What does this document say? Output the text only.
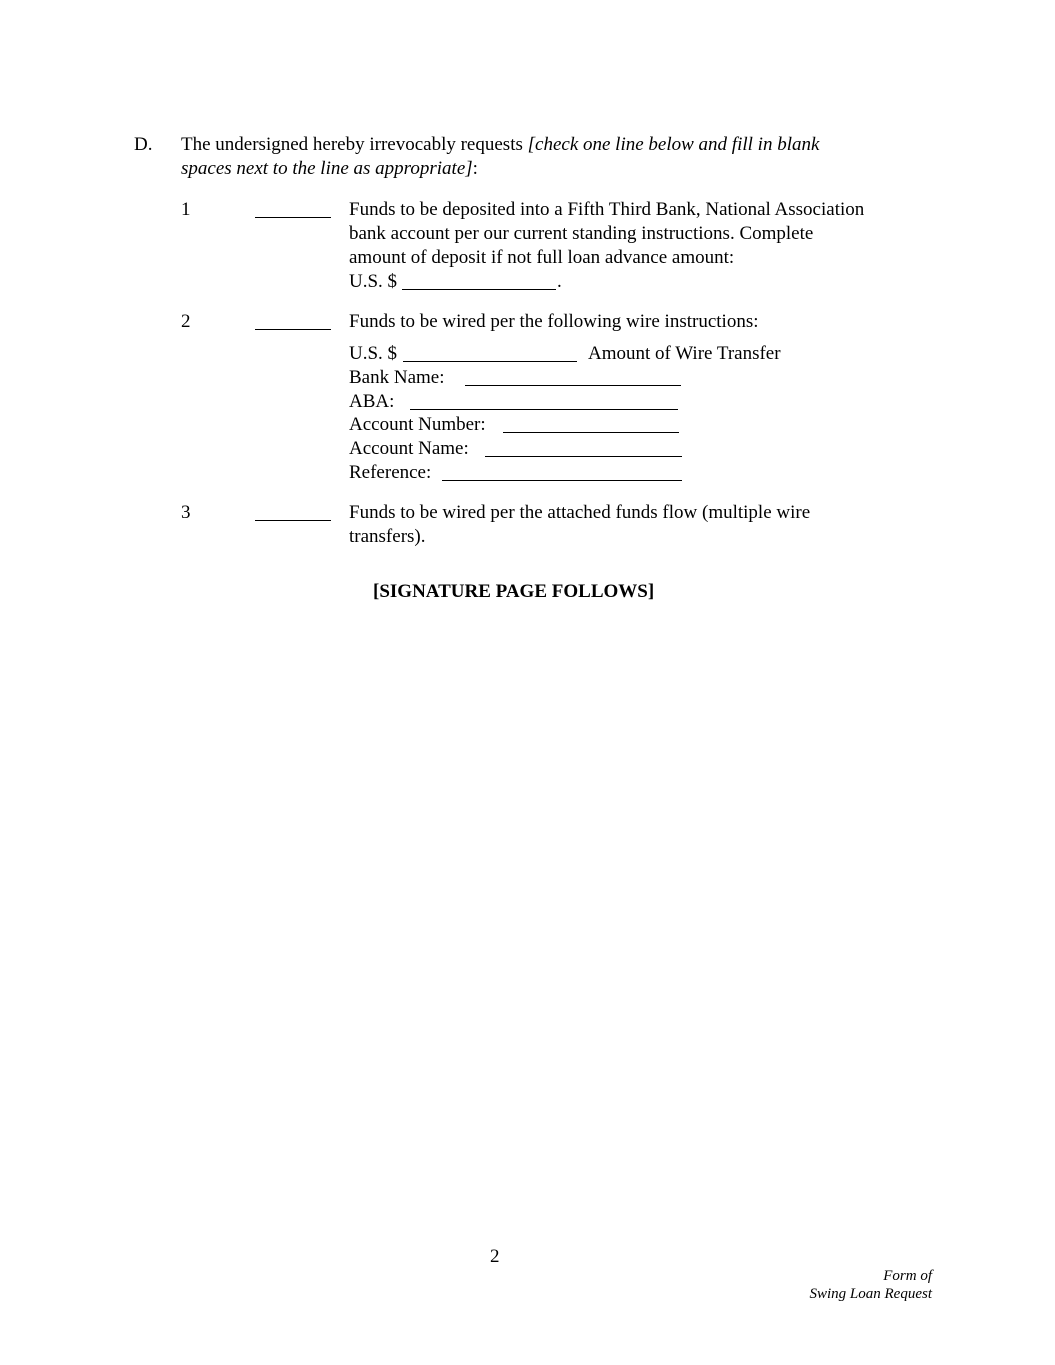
D. The undersigned hereby irrevocably requests [check one line below and fill in blank
spaces next to the line as appropriate]:
1	Funds to be deposited into a Fifth Third Bank, National Association
bank account per our current standing instructions. Complete
amount of deposit if not full loan advance amount:
U.S. $	.
2	Funds to be wired per the following wire instructions:
U.S. $	Amount of Wire Transfer
Bank Name:
ABA:
Account Number:
Account Name:
Reference:
3	Funds to be wired per the attached funds flow (multiple wire
transfers).
[SIGNATURE PAGE FOLLOWS]
2
Form of
Swing Loan Request
